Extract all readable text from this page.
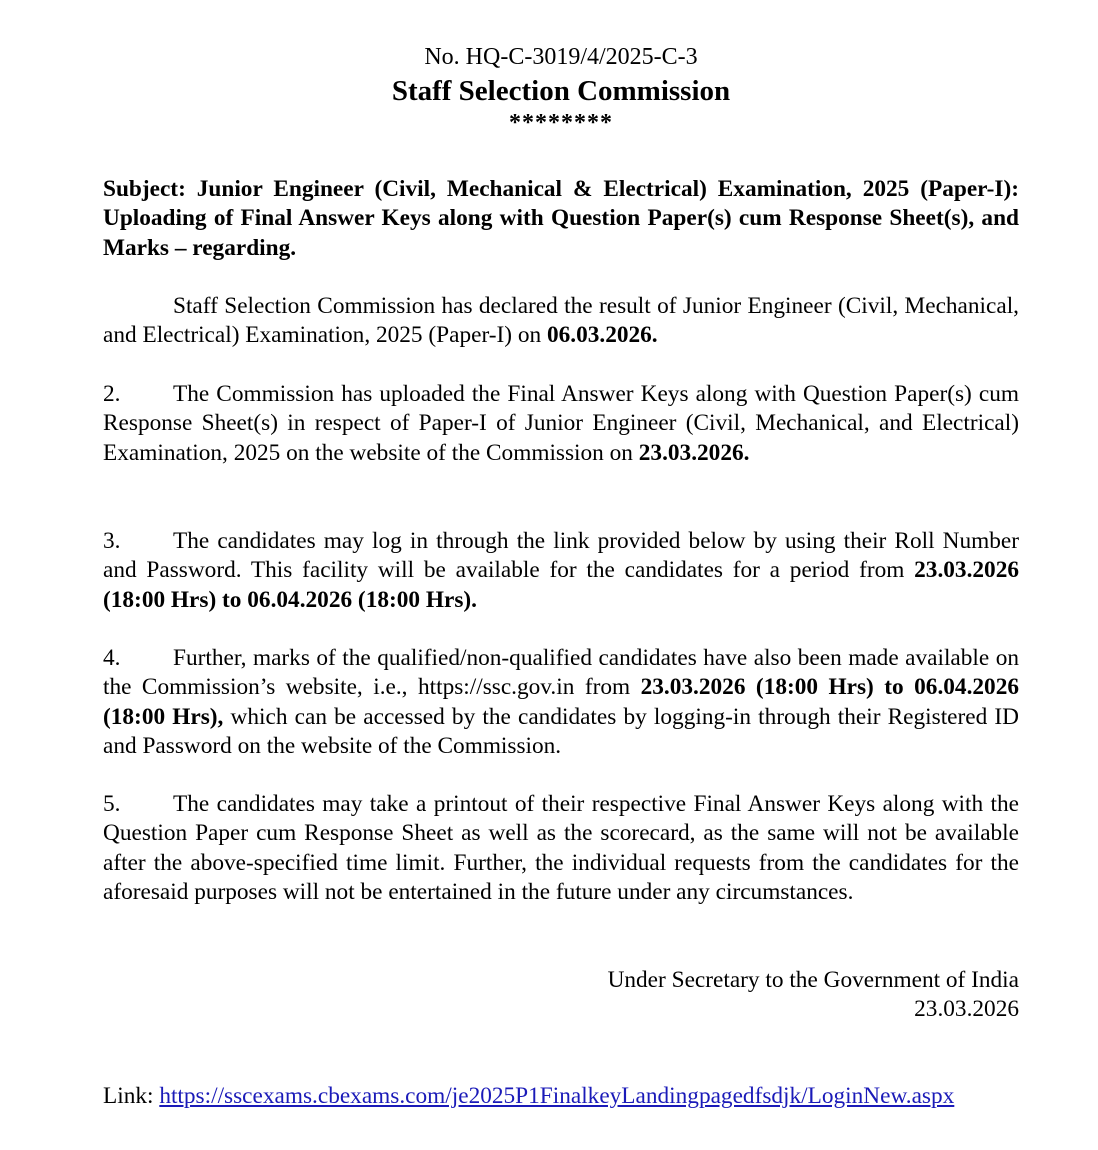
No. HQ-C-3019/4/2025-C-3
Staff Selection Commission
********
Subject: Junior Engineer (Civil, Mechanical & Electrical) Examination, 2025 (Paper-I): Uploading of Final Answer Keys along with Question Paper(s) cum Response Sheet(s), and Marks – regarding.
Staff Selection Commission has declared the result of Junior Engineer (Civil, Mechanical, and Electrical) Examination, 2025 (Paper-I) on 06.03.2026.
2. The Commission has uploaded the Final Answer Keys along with Question Paper(s) cum Response Sheet(s) in respect of Paper-I of Junior Engineer (Civil, Mechanical, and Electrical) Examination, 2025 on the website of the Commission on 23.03.2026.
3. The candidates may log in through the link provided below by using their Roll Number and Password. This facility will be available for the candidates for a period from 23.03.2026 (18:00 Hrs) to 06.04.2026 (18:00 Hrs).
4. Further, marks of the qualified/non-qualified candidates have also been made available on the Commission’s website, i.e., https://ssc.gov.in from 23.03.2026 (18:00 Hrs) to 06.04.2026 (18:00 Hrs), which can be accessed by the candidates by logging-in through their Registered ID and Password on the website of the Commission.
5. The candidates may take a printout of their respective Final Answer Keys along with the Question Paper cum Response Sheet as well as the scorecard, as the same will not be available after the above-specified time limit. Further, the individual requests from the candidates for the aforesaid purposes will not be entertained in the future under any circumstances.
Under Secretary to the Government of India
23.03.2026
Link: https://sscexams.cbexams.com/je2025P1FinalkeyLandingpagedfsdjk/LoginNew.aspx
